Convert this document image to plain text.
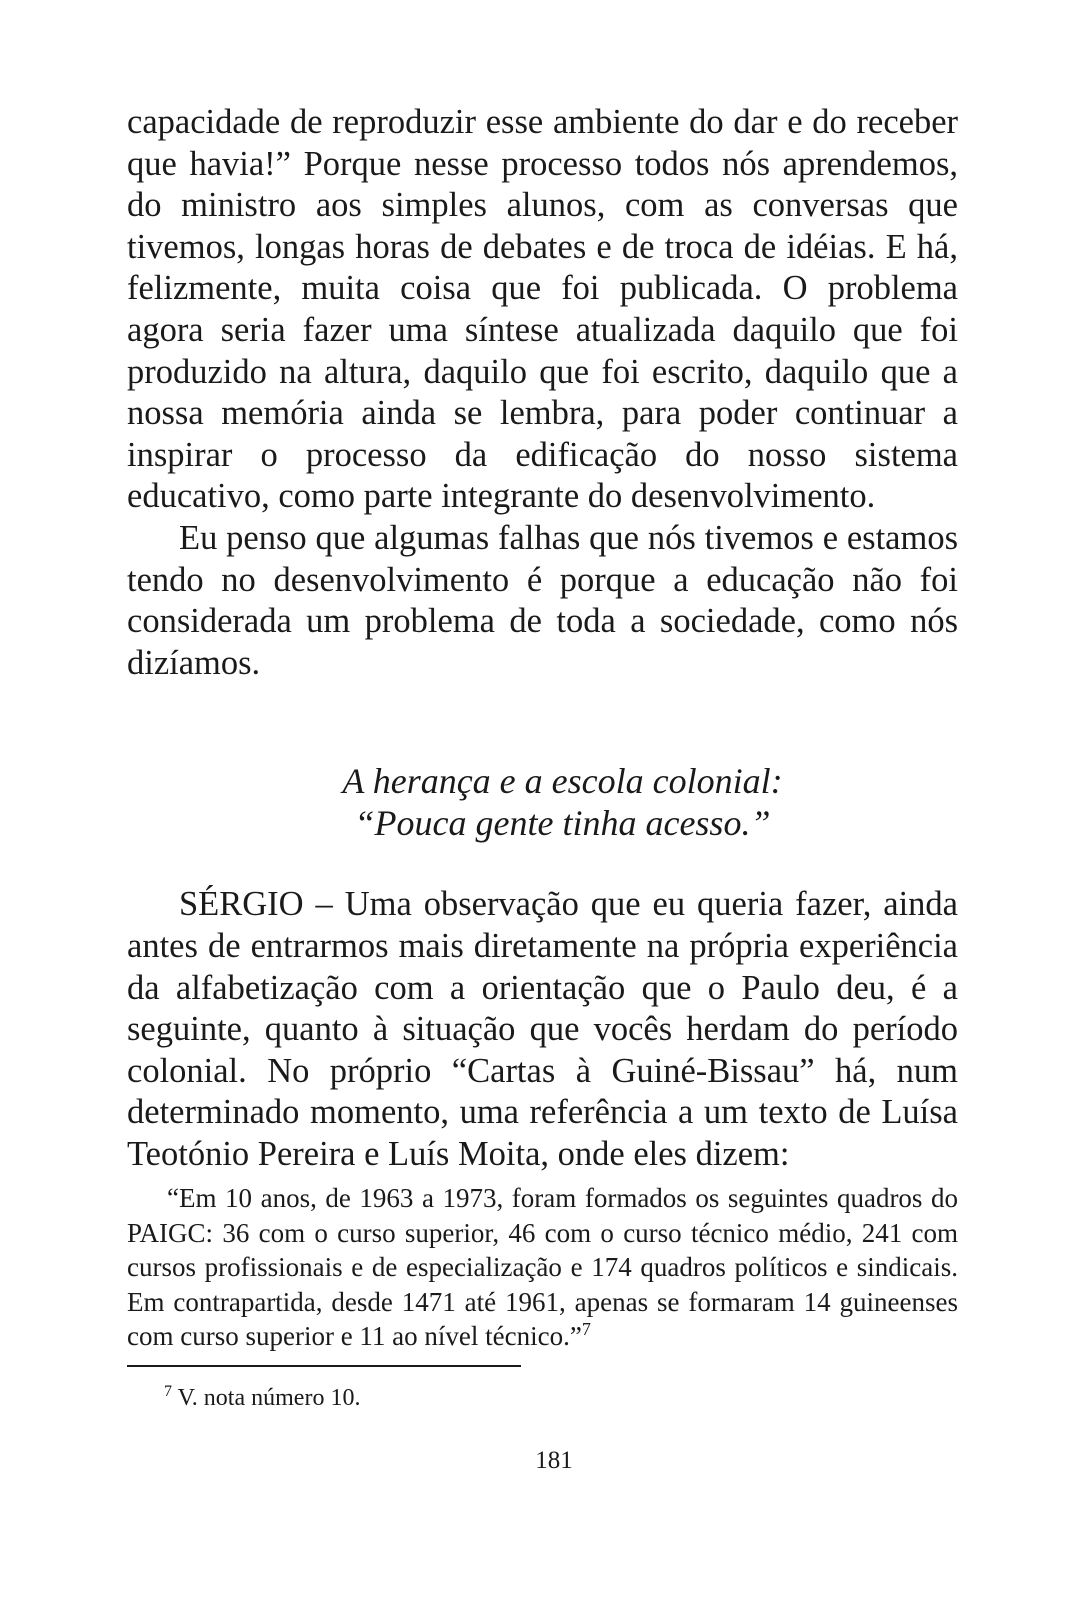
capacidade de reproduzir esse ambiente do dar e do receber que havia!” Porque nesse processo todos nós aprendemos, do ministro aos simples alunos, com as conversas que tivemos, longas horas de debates e de troca de idéias. E há, felizmente, muita coisa que foi publicada. O problema agora seria fazer uma síntese atualizada daquilo que foi produzido na altura, daquilo que foi escrito, daquilo que a nossa memória ainda se lembra, para poder continuar a inspirar o processo da edificação do nosso sistema educativo, como parte integrante do desenvolvimento.

Eu penso que algumas falhas que nós tivemos e estamos tendo no desenvolvimento é porque a educação não foi considerada um problema de toda a sociedade, como nós dizíamos.

A herança e a escola colonial:
“Pouca gente tinha acesso.”

SÉRGIO – Uma observação que eu queria fazer, ainda antes de entrarmos mais diretamente na própria experiência da alfabetização com a orientação que o Paulo deu, é a seguinte, quanto à situação que vocês herdam do período colonial. No próprio “Cartas à Guiné-Bissau” há, num determinado momento, uma referência a um texto de Luísa Teotónio Pereira e Luís Moita, onde eles dizem:

“Em 10 anos, de 1963 a 1973, foram formados os seguintes quadros do PAIGC: 36 com o curso superior, 46 com o curso técnico médio, 241 com cursos profissionais e de especialização e 174 quadros políticos e sindicais. Em contrapartida, desde 1471 até 1961, apenas se formaram 14 guineenses com curso superior e 11 ao nível técnico.”$^7$

$^7$ V. nota número 10.

181
